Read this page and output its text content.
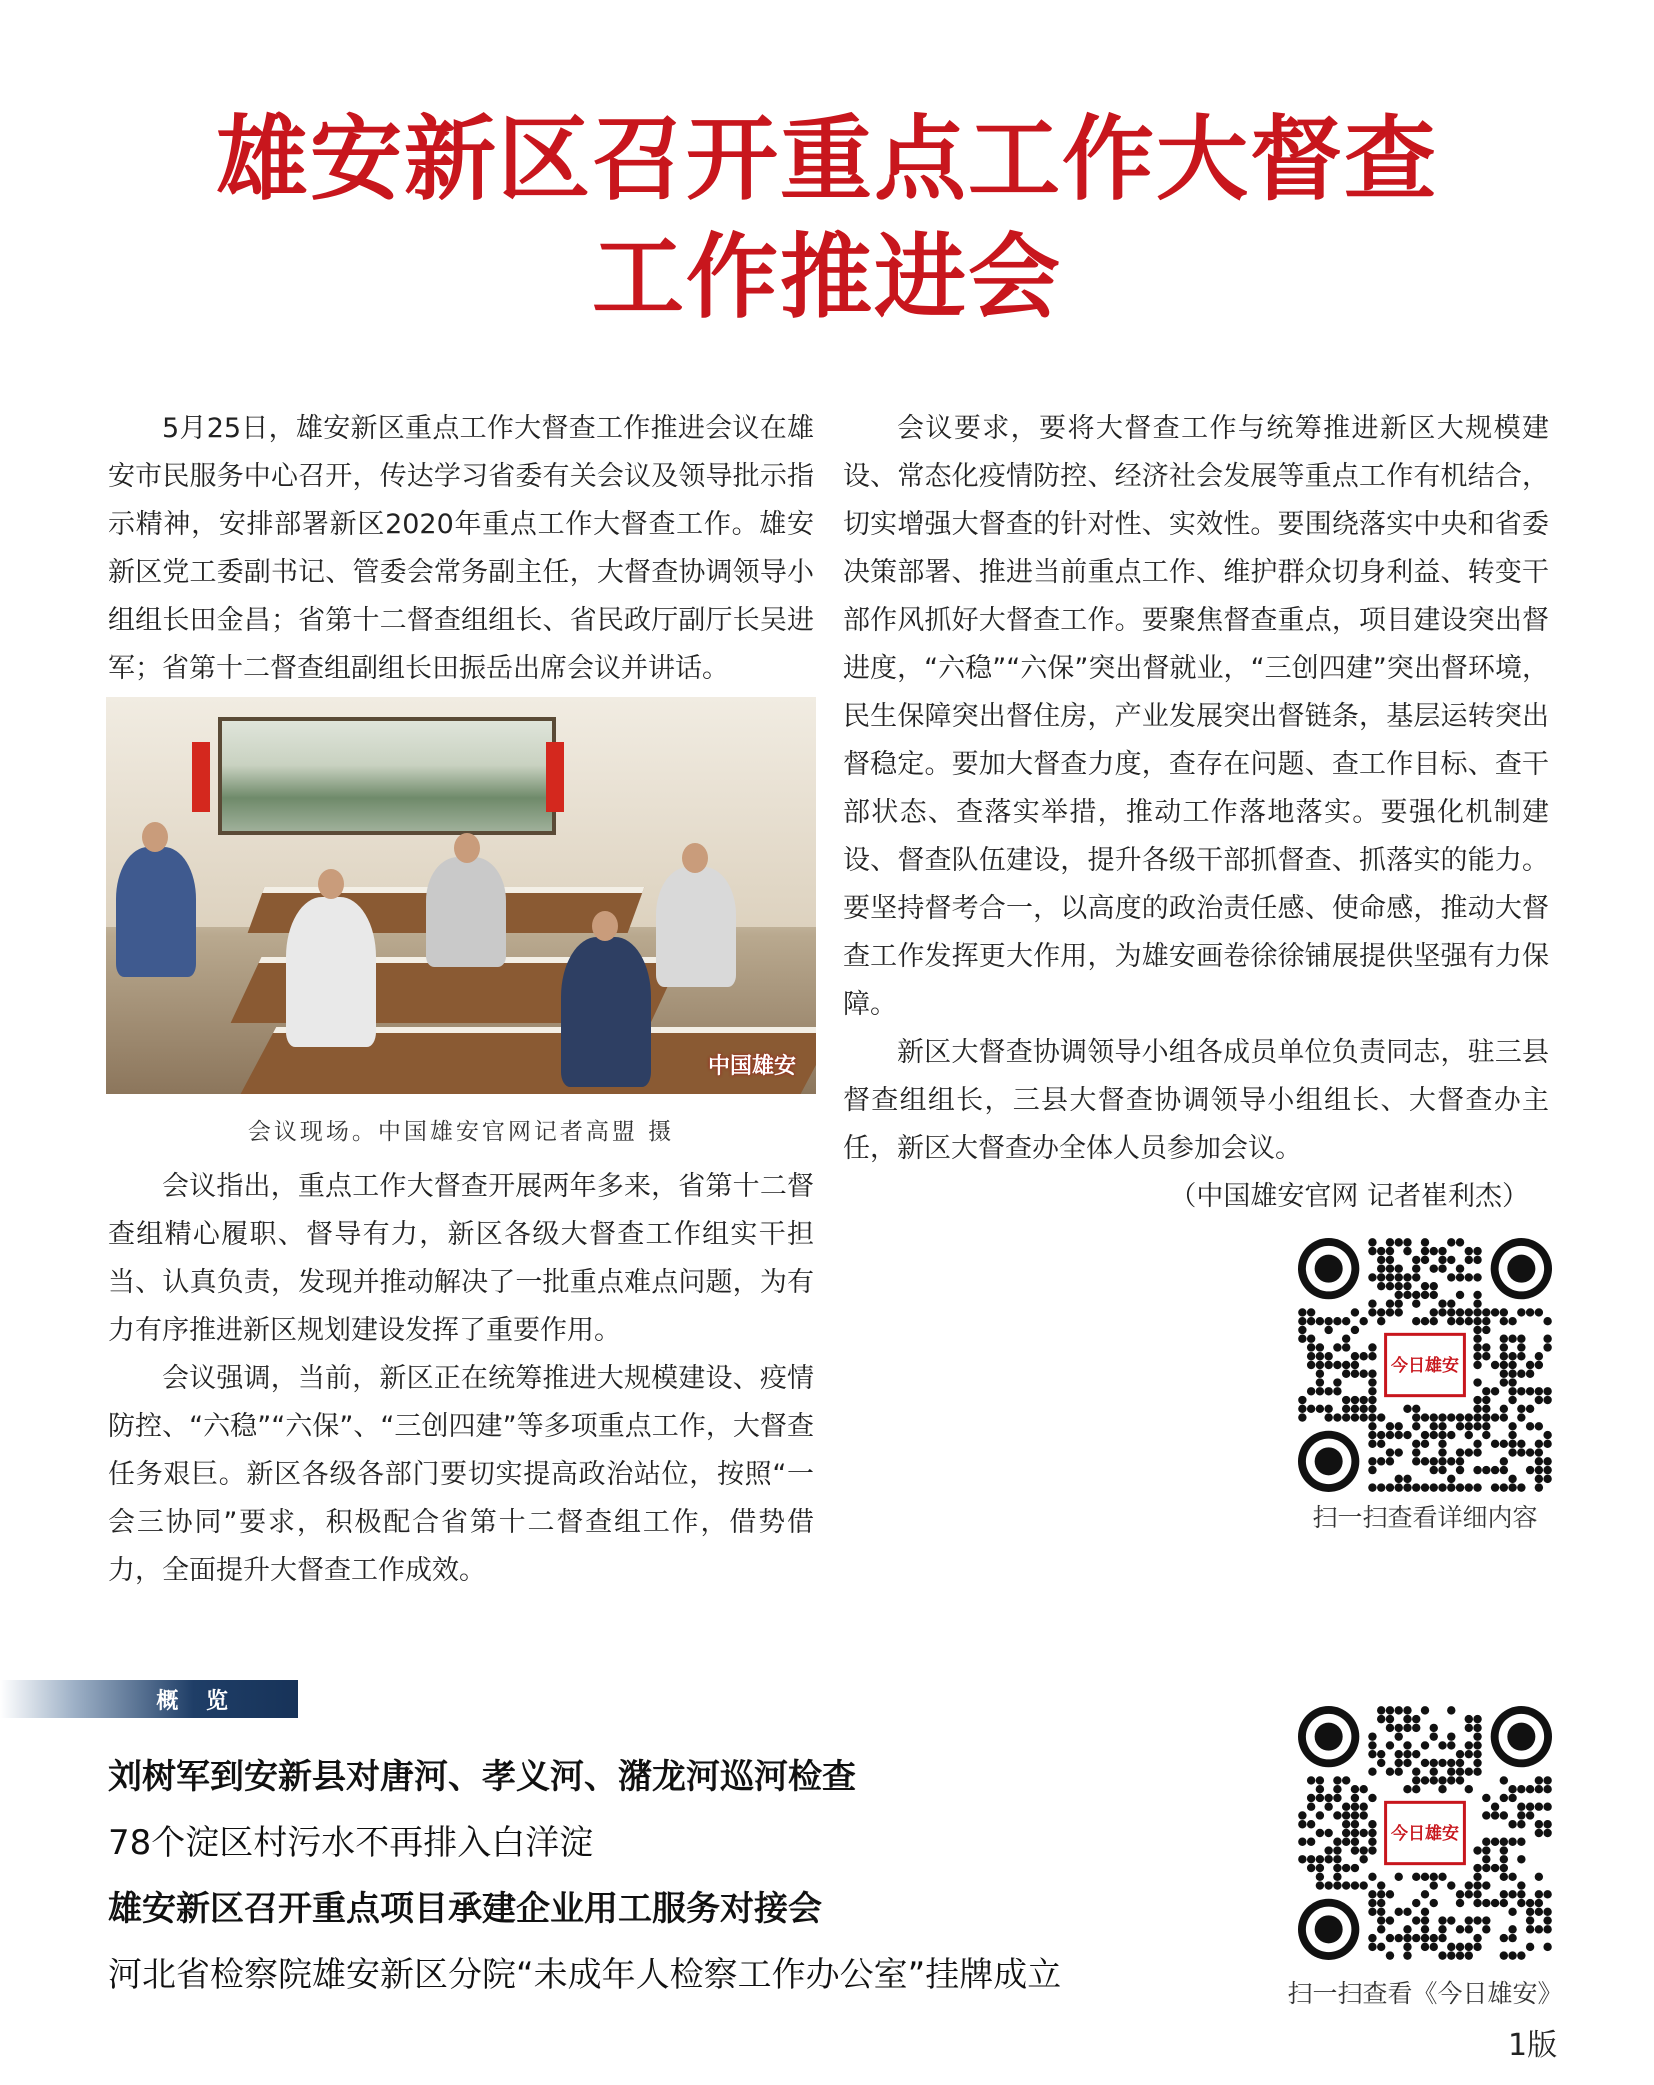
雄安新区召开重点工作大督查
工作推进会

5月25日，雄安新区重点工作大督查工作推进会议在雄安市民服务中心召开，传达学习省委有关会议及领导批示指示精神，安排部署新区2020年重点工作大督查工作。雄安新区党工委副书记、管委会常务副主任，大督查协调领导小组组长田金昌；省第十二督查组组长、省民政厅副厅长吴进军；省第十二督查组副组长田振岳出席会议并讲话。

中国雄安
会议现场。中国雄安官网记者高盟 摄

会议指出，重点工作大督查开展两年多来，省第十二督查组精心履职、督导有力，新区各级大督查工作组实干担当、认真负责，发现并推动解决了一批重点难点问题，为有力有序推进新区规划建设发挥了重要作用。

会议强调，当前，新区正在统筹推进大规模建设、疫情防控、“六稳”“六保”、“三创四建”等多项重点工作，大督查任务艰巨。新区各级各部门要切实提高政治站位，按照“一会三协同”要求，积极配合省第十二督查组工作，借势借力，全面提升大督查工作成效。

会议要求，要将大督查工作与统筹推进新区大规模建设、常态化疫情防控、经济社会发展等重点工作有机结合，切实增强大督查的针对性、实效性。要围绕落实中央和省委决策部署、推进当前重点工作、维护群众切身利益、转变干部作风抓好大督查工作。要聚焦督查重点，项目建设突出督进度，“六稳”“六保”突出督就业，“三创四建”突出督环境，民生保障突出督住房，产业发展突出督链条，基层运转突出督稳定。要加大督查力度，查存在问题、查工作目标、查干部状态、查落实举措，推动工作落地落实。要强化机制建设、督查队伍建设，提升各级干部抓督查、抓落实的能力。要坚持督考合一，以高度的政治责任感、使命感，推动大督查工作发挥更大作用，为雄安画卷徐徐铺展提供坚强有力保障。

新区大督查协调领导小组各成员单位负责同志，驻三县督查组组长，三县大督查协调领导小组组长、大督查办主任，新区大督查办全体人员参加会议。

（中国雄安官网 记者崔利杰）

今日雄安
扫一扫查看详细内容
概 览
刘树军到安新县对唐河、孝义河、潴龙河巡河检查
78个淀区村污水不再排入白洋淀
雄安新区召开重点项目承建企业用工服务对接会
河北省检察院雄安新区分院“未成年人检察工作办公室”挂牌成立
今日雄安
扫一扫查看《今日雄安》
1版
